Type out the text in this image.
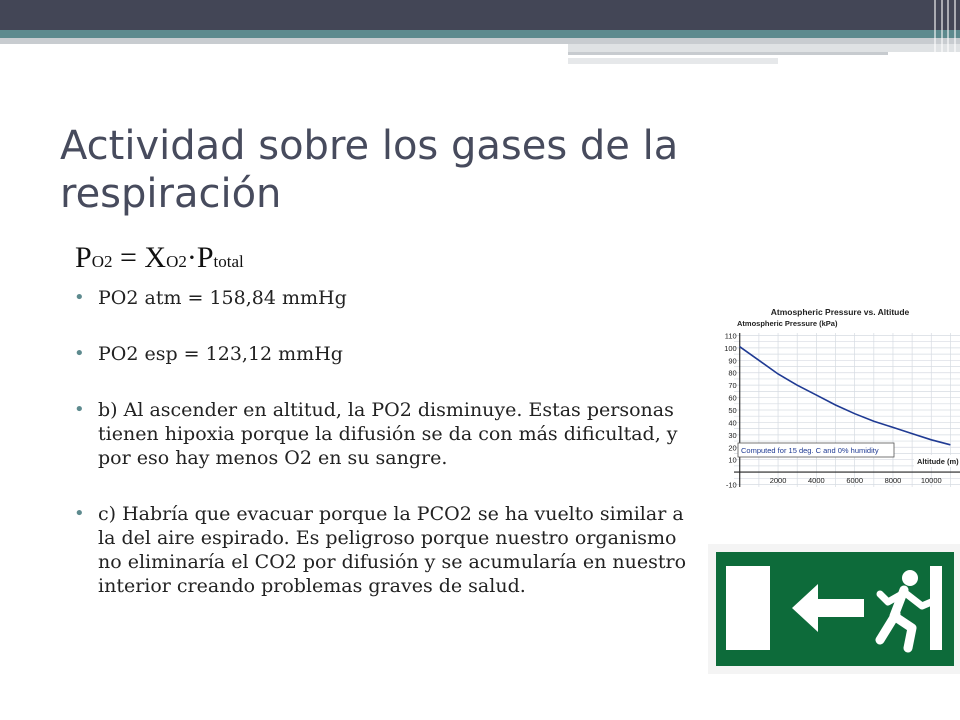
Actividad sobre los gases de la respiración
PO2 = XO2·Ptotal
• PO2 atm = 158,84 mmHg
• PO2 esp = 123,12 mmHg
• b) Al ascender en altitud, la PO2 disminuye. Estas personas tienen hipoxia porque la difusión se da con más dificultad, y por eso hay menos O2 en su sangre.
• c) Habría que evacuar porque la PCO2 se ha vuelto similar a la del aire espirado. Es peligroso porque nuestro organismo no eliminaría el CO2 por difusión y se acumularía en nuestro interior creando problemas graves de salud.
Atmospheric Pressure vs. Altitude
Atmospheric Pressure (kPa)
-10
10
20
30
40
50
60
70
80
90
100
110
2000	4000	6000	8000	10000
Computed for 15 deg. C and 0% humidity
Altitude (m)
